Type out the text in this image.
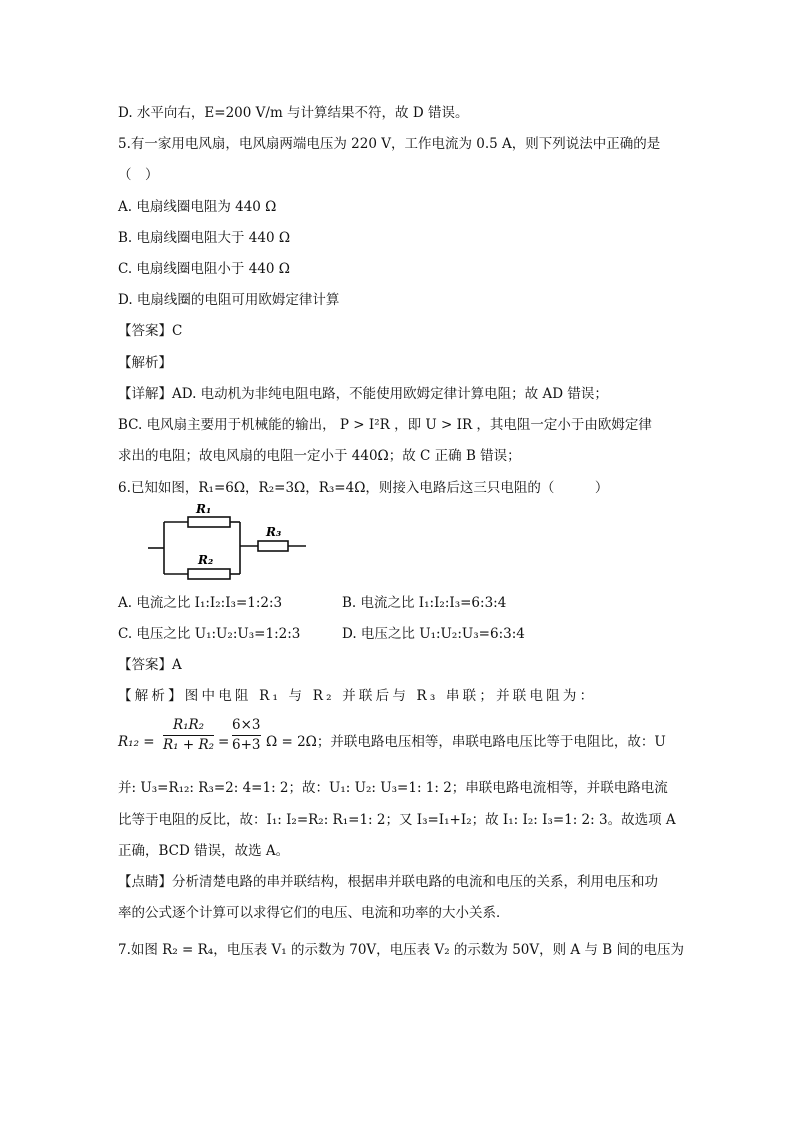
D. 水平向右，E=200 V/m 与计算结果不符，故 D 错误。
5.有一家用电风扇，电风扇两端电压为 220 V，工作电流为 0.5 A，则下列说法中正确的是
（　）
A. 电扇线圈电阻为 440 Ω
B. 电扇线圈电阻大于 440 Ω
C. 电扇线圈电阻小于 440 Ω
D. 电扇线圈的电阻可用欧姆定律计算
【答案】C
【解析】
【详解】AD. 电动机为非纯电阻电路，不能使用欧姆定律计算电阻；故 AD 错误；
BC. 电风扇主要用于机械能的输出， P > I²R ，即 U > IR ，其电阻一定小于由欧姆定律
求出的电阻；故电风扇的电阻一定小于 440Ω；故 C 正确 B 错误；
6.已知如图，R₁=6Ω，R₂=3Ω，R₃=4Ω，则接入电路后这三只电阻的（　　　）
R₁
R₂
R₃
A. 电流之比 I₁:I₂:I₃=1:2:3	B. 电流之比 I₁:I₂:I₃=6:3:4
C. 电压之比 U₁:U₂:U₃=1:2:3	D. 电压之比 U₁:U₂:U₃=6:3:4
【答案】A
【解析】图中电阻 R₁ 与 R₂ 并联后与 R₃ 串联；并联电阻为：
R₁₂ =
R₁R₂
R₁ + R₂ =
6×3
6+3 Ω = 2Ω；并联电路电压相等，串联电路电压比等于电阻比，故：U
并: U₃=R₁₂: R₃=2: 4=1: 2；故：U₁: U₂: U₃=1: 1: 2；串联电路电流相等，并联电路电流
比等于电阻的反比，故：I₁: I₂=R₂: R₁=1: 2；又 I₃=I₁+I₂；故 I₁: I₂: I₃=1: 2: 3。故选项 A
正确，BCD 错误，故选 A。
【点睛】分析清楚电路的串并联结构，根据串并联电路的电流和电压的关系，利用电压和功
率的公式逐个计算可以求得它们的电压、电流和功率的大小关系．
7.如图 R₂ = R₄，电压表 V₁ 的示数为 70V，电压表 V₂ 的示数为 50V，则 A 与 B 间的电压为
